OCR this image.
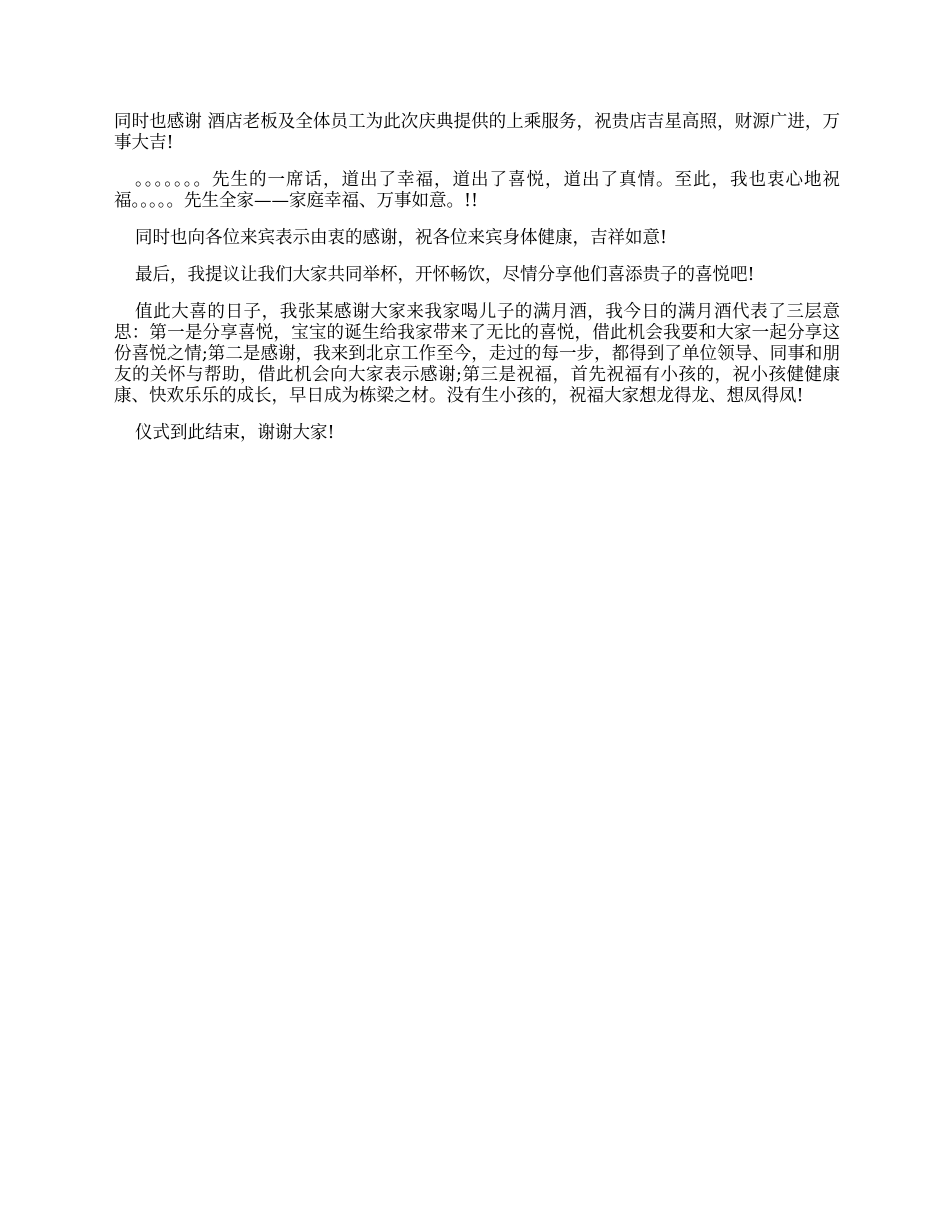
同时也感谢 酒店老板及全体员工为此次庆典提供的上乘服务，祝贵店吉星高照，财源广进，万事大吉!

。。。。。。。先生的一席话，道出了幸福，道出了喜悦，道出了真情。至此，我也衷心地祝福。。。。。先生全家——家庭幸福、万事如意。!!

同时也向各位来宾表示由衷的感谢，祝各位来宾身体健康，吉祥如意!

最后，我提议让我们大家共同举杯，开怀畅饮，尽情分享他们喜添贵子的喜悦吧!

值此大喜的日子，我张某感谢大家来我家喝儿子的满月酒，我今日的满月酒代表了三层意思：第一是分享喜悦，宝宝的诞生给我家带来了无比的喜悦，借此机会我要和大家一起分享这份喜悦之情;第二是感谢，我来到北京工作至今，走过的每一步，都得到了单位领导、同事和朋友的关怀与帮助，借此机会向大家表示感谢;第三是祝福，首先祝福有小孩的，祝小孩健健康康、快欢乐乐的成长，早日成为栋梁之材。没有生小孩的，祝福大家想龙得龙、想凤得凤!

仪式到此结束，谢谢大家!
